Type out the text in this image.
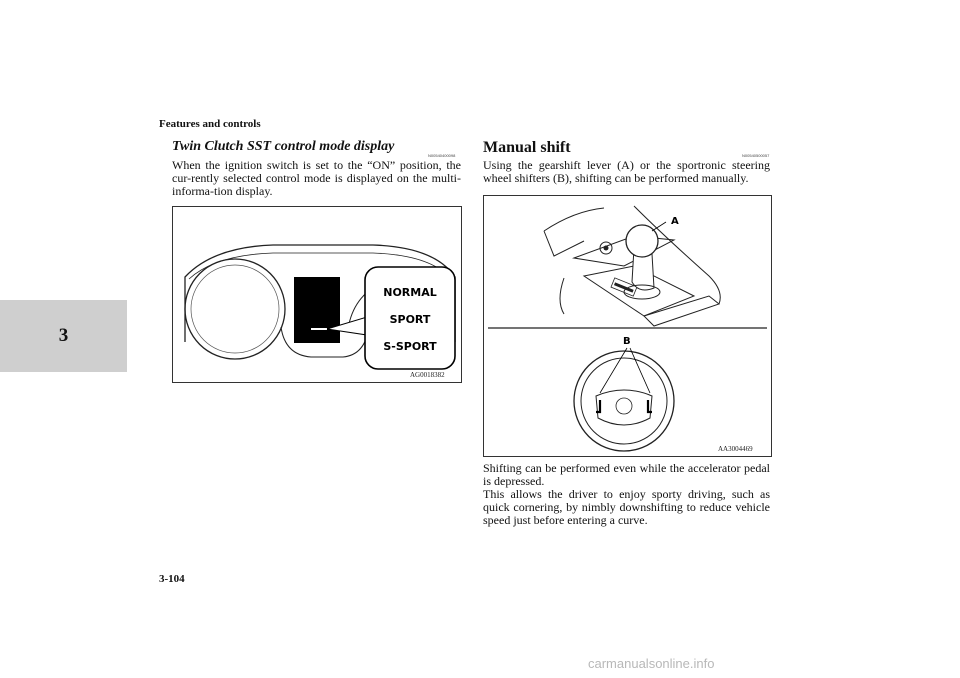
Features and controls
3
Twin Clutch SST control mode display
N00540400098
When the ignition switch is set to the “ON” position, the cur-rently selected control mode is displayed on the multi-informa-tion display.
NORMAL
SPORT
S-SPORT
AG0018382
Manual shift	N00540500057
Using the gearshift lever (A) or the sportronic steering wheel shifters (B), shifting can be performed manually.
A
B
AA3004469
Shifting can be performed even while the accelerator pedal is depressed.
This allows the driver to enjoy sporty driving, such as quick cornering, by nimbly downshifting to reduce vehicle speed just before entering a curve.
3-104
carmanualsonline.info
